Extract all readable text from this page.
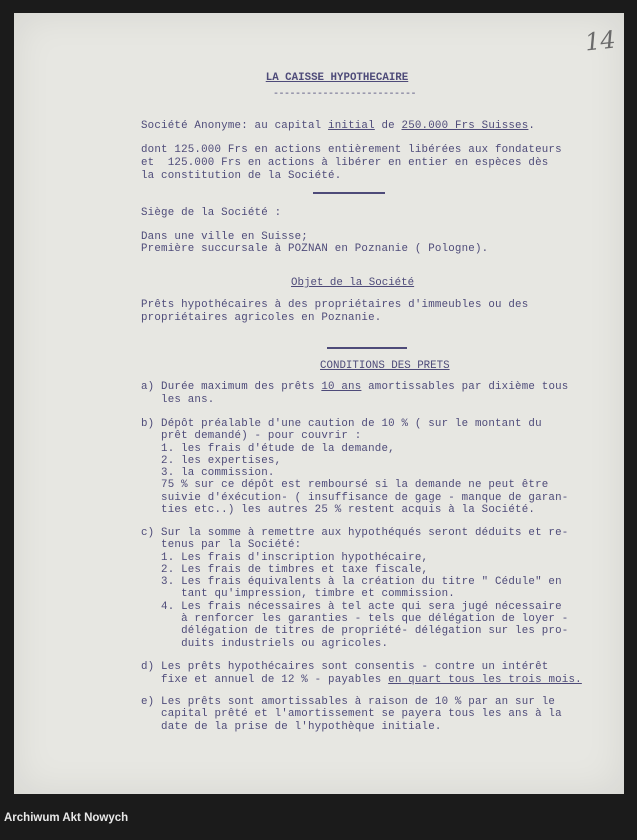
14
LA CAISSE HYPOTHECAIRE
--------------------------
Société Anonyme: au capital initial de 250.000 Frs Suisses.
dont 125.000 Frs en actions entièrement libérées aux fondateurs
et  125.000 Frs en actions à libérer en entier en espèces dès
la constitution de la Société.
Siège de la Société :
Dans une ville en Suisse;
Première succursale à POZNAN en Poznanie ( Pologne).
Objet de la Société
Prêts hypothécaires à des propriétaires d'immeubles ou des
propriétaires agricoles en Poznanie.
CONDITIONS DES PRETS
a) Durée maximum des prêts 10 ans amortissables par dixième tous
les ans.
b) Dépôt préalable d'une caution de 10 % ( sur le montant du
prêt demandé) - pour couvrir :
1. les frais d'étude de la demande,
2. les expertises,
3. la commission.
75 % sur ce dépôt est remboursé si la demande ne peut être
suivie d'éxécution- ( insuffisance de gage - manque de garan-
ties etc..) les autres 25 % restent acquis à la Société.
c) Sur la somme à remettre aux hypothéqués seront déduits et re-
tenus par la Société:
1. Les frais d'inscription hypothécaire,
2. Les frais de timbres et taxe fiscale,
3. Les frais équivalents à la création du titre " Cédule" en
tant qu'impression, timbre et commission.
4. Les frais nécessaires à tel acte qui sera jugé nécessaire
à renforcer les garanties - tels que délégation de loyer -
délégation de titres de propriété- délégation sur les pro-
duits industriels ou agricoles.
d) Les prêts hypothécaires sont consentis - contre un intérêt
fixe et annuel de 12 % - payables en quart tous les trois mois.
e) Les prêts sont amortissables à raison de 10 % par an sur le
capital prêté et l'amortissement se payera tous les ans à la
date de la prise de l'hypothèque initiale.
Archiwum Akt Nowych
